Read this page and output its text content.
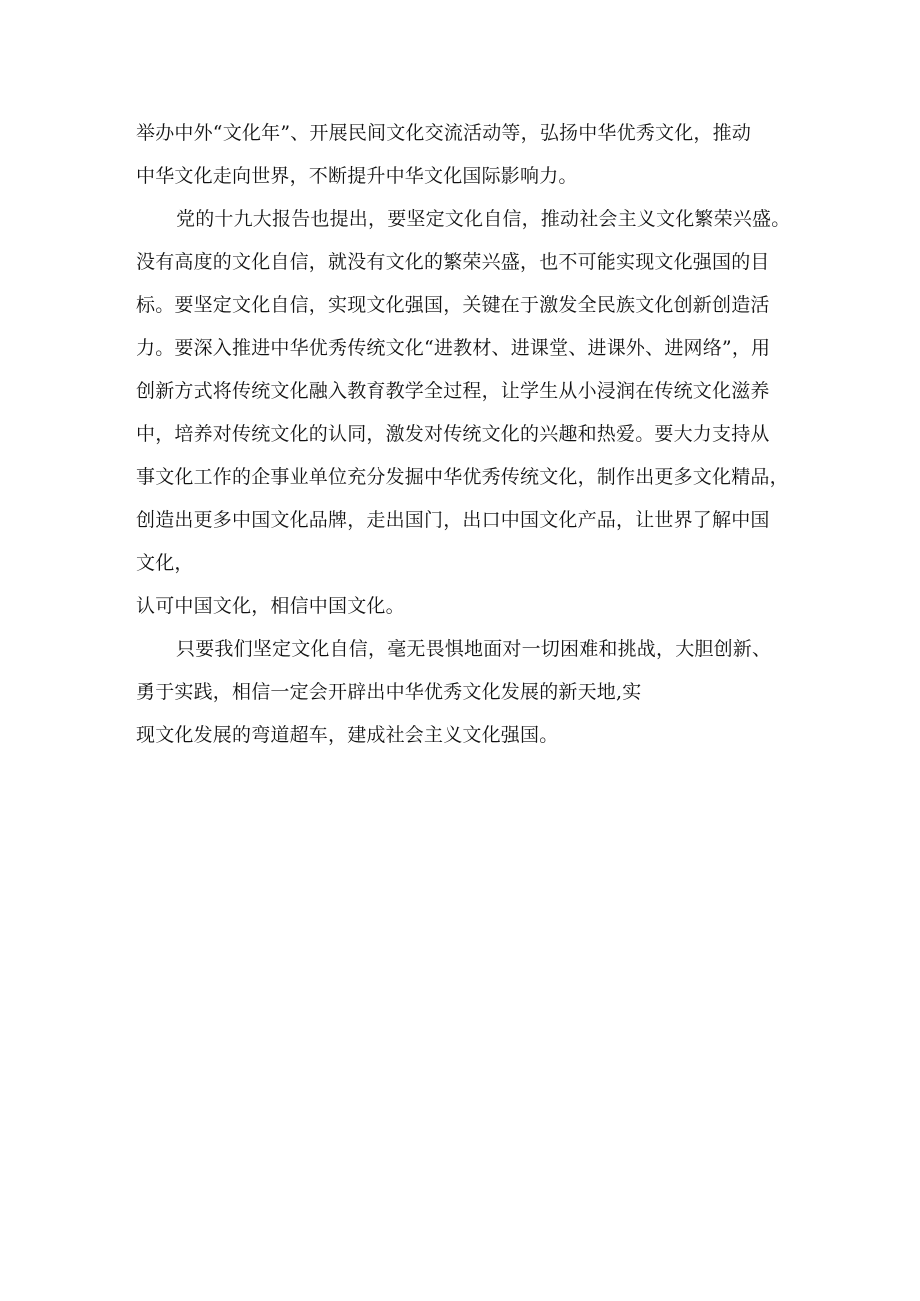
举办中外“文化年”、开展民间文化交流活动等，弘扬中华优秀文化，推动
中华文化走向世界，不断提升中华文化国际影响力。
党的十九大报告也提出，要坚定文化自信，推动社会主义文化繁荣兴盛。
没有高度的文化自信，就没有文化的繁荣兴盛，也不可能实现文化强国的目
标。要坚定文化自信，实现文化强国，关键在于激发全民族文化创新创造活
力。要深入推进中华优秀传统文化“进教材、进课堂、进课外、进网络”，用
创新方式将传统文化融入教育教学全过程，让学生从小浸润在传统文化滋养
中，培养对传统文化的认同，激发对传统文化的兴趣和热爱。要大力支持从
事文化工作的企事业单位充分发掘中华优秀传统文化，制作出更多文化精品，
创造出更多中国文化品牌，走出国门，出口中国文化产品，让世界了解中国
文化，
认可中国文化，相信中国文化。
只要我们坚定文化自信，毫无畏惧地面对一切困难和挑战，大胆创新、
勇于实践，相信一定会开辟出中华优秀文化发展的新天地,实
现文化发展的弯道超车，建成社会主义文化强国。
